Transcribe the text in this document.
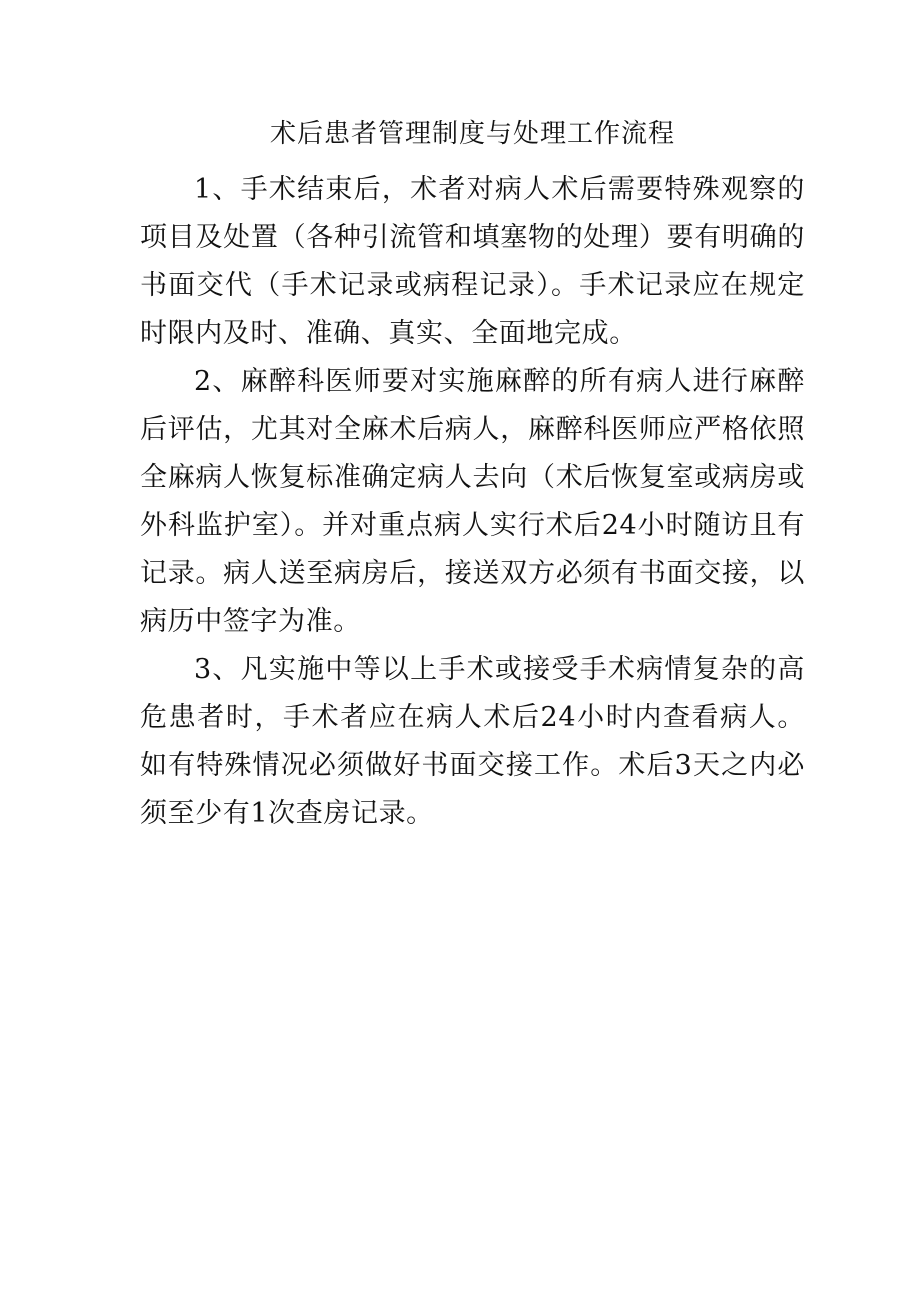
术后患者管理制度与处理工作流程

1、手术结束后，术者对病人术后需要特殊观察的项目及处置（各种引流管和填塞物的处理）要有明确的书面交代（手术记录或病程记录）。手术记录应在规定时限内及时、准确、真实、全面地完成。

2、麻醉科医师要对实施麻醉的所有病人进行麻醉后评估，尤其对全麻术后病人，麻醉科医师应严格依照全麻病人恢复标准确定病人去向（术后恢复室或病房或外科监护室）。并对重点病人实行术后24小时随访且有记录。病人送至病房后，接送双方必须有书面交接，以病历中签字为准。

3、凡实施中等以上手术或接受手术病情复杂的高危患者时，手术者应在病人术后24小时内查看病人。如有特殊情况必须做好书面交接工作。术后3天之内必须至少有1次查房记录。
